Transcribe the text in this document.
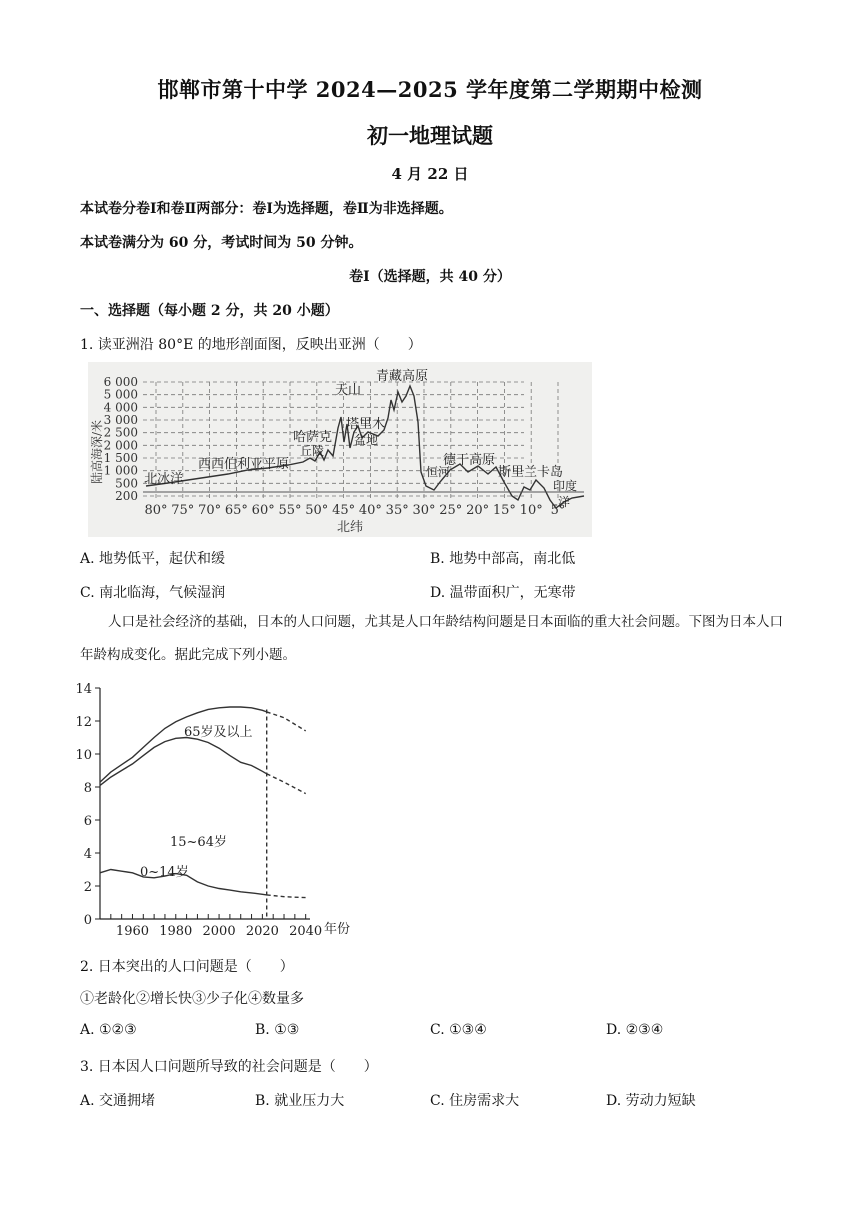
邯郸市第十中学 2024—2025 学年度第二学期期中检测
初一地理试题
4 月 22 日
本试卷分卷Ⅰ和卷Ⅱ两部分：卷Ⅰ为选择题，卷Ⅱ为非选择题。
本试卷满分为 60 分，考试时间为 50 分钟。
卷Ⅰ（选择题，共 40 分）
一、选择题（每小题 2 分，共 20 小题）
1. 读亚洲沿 80°E 的地形剖面图，反映出亚洲（　　）
6 000
5 000
4 000
3 000
2 500
2 000
1 500
1 000
500
200
80° 75° 70° 65° 60° 55° 50° 45° 40° 35° 30° 25° 20° 15° 10° 5°
陆高海深/米
北纬
北冰洋
西西伯利亚平原
哈萨克
丘陵
天山
塔里木
盆地
青藏高原
恒河
德干高原
斯里兰卡岛
印度
洋
A. 地势低平，起伏和缓	B. 地势中部高，南北低
C. 南北临海，气候湿润	D. 温带面积广，无寒带
人口是社会经济的基础，日本的人口问题，尤其是人口年龄结构问题是日本面临的重大社会问题。下图为日本人口年龄构成变化。据此完成下列小题。
0
2
4
6
8
10
12
14
1960 1980 2000 2020 2040
65岁及以上
15~64岁
0~14岁
年份
2. 日本突出的人口问题是（　　）
①老龄化②增长快③少子化④数量多
A. ①②③	B. ①③	C. ①③④	D. ②③④
3. 日本因人口问题所导致的社会问题是（　　）
A. 交通拥堵	B. 就业压力大	C. 住房需求大	D. 劳动力短缺
